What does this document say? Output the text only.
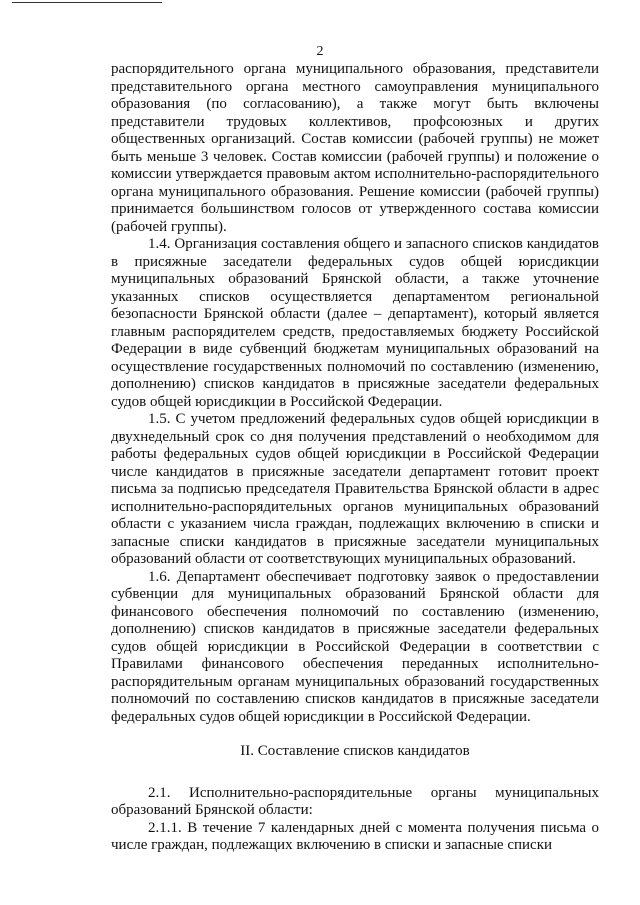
2

распорядительного органа муниципального образования, представители представительного органа местного самоуправления муниципального образования (по согласованию), а также могут быть включены представители трудовых коллективов, профсоюзных и других общественных организаций. Состав комиссии (рабочей группы) не может быть меньше 3 человек. Состав комиссии (рабочей группы) и положение о комиссии утверждается правовым актом исполнительно-распорядительного органа муниципального образования. Решение комиссии (рабочей группы) принимается большинством голосов от утвержденного состава комиссии (рабочей группы).

1.4. Организация составления общего и запасного списков кандидатов в присяжные заседатели федеральных судов общей юрисдикции муниципальных образований Брянской области, а также уточнение указанных списков осуществляется департаментом региональной безопасности Брянской области (далее – департамент), который является главным распорядителем средств, предоставляемых бюджету Российской Федерации в виде субвенций бюджетам муниципальных образований на осуществление государственных полномочий по составлению (изменению, дополнению) списков кандидатов в присяжные заседатели федеральных судов общей юрисдикции в Российской Федерации.

1.5. С учетом предложений федеральных судов общей юрисдикции в двухнедельный срок со дня получения представлений о необходимом для работы федеральных судов общей юрисдикции в Российской Федерации числе кандидатов в присяжные заседатели департамент готовит проект письма за подписью председателя Правительства Брянской области в адрес исполнительно-распорядительных органов муниципальных образований области с указанием числа граждан, подлежащих включению в списки и запасные списки кандидатов в присяжные заседатели муниципальных образований области от соответствующих муниципальных образований.

1.6. Департамент обеспечивает подготовку заявок о предоставлении субвенции для муниципальных образований Брянской области для финансового обеспечения полномочий по составлению (изменению, дополнению) списков кандидатов в присяжные заседатели федеральных судов общей юрисдикции в Российской Федерации в соответствии с Правилами финансового обеспечения переданных исполнительно-распорядительным органам муниципальных образований государственных полномочий по составлению списков кандидатов в присяжные заседатели федеральных судов общей юрисдикции в Российской Федерации.

II. Составление списков кандидатов

2.1. Исполнительно-распорядительные органы муниципальных образований Брянской области:

2.1.1. В течение 7 календарных дней с момента получения письма о числе граждан, подлежащих включению в списки и запасные списки
